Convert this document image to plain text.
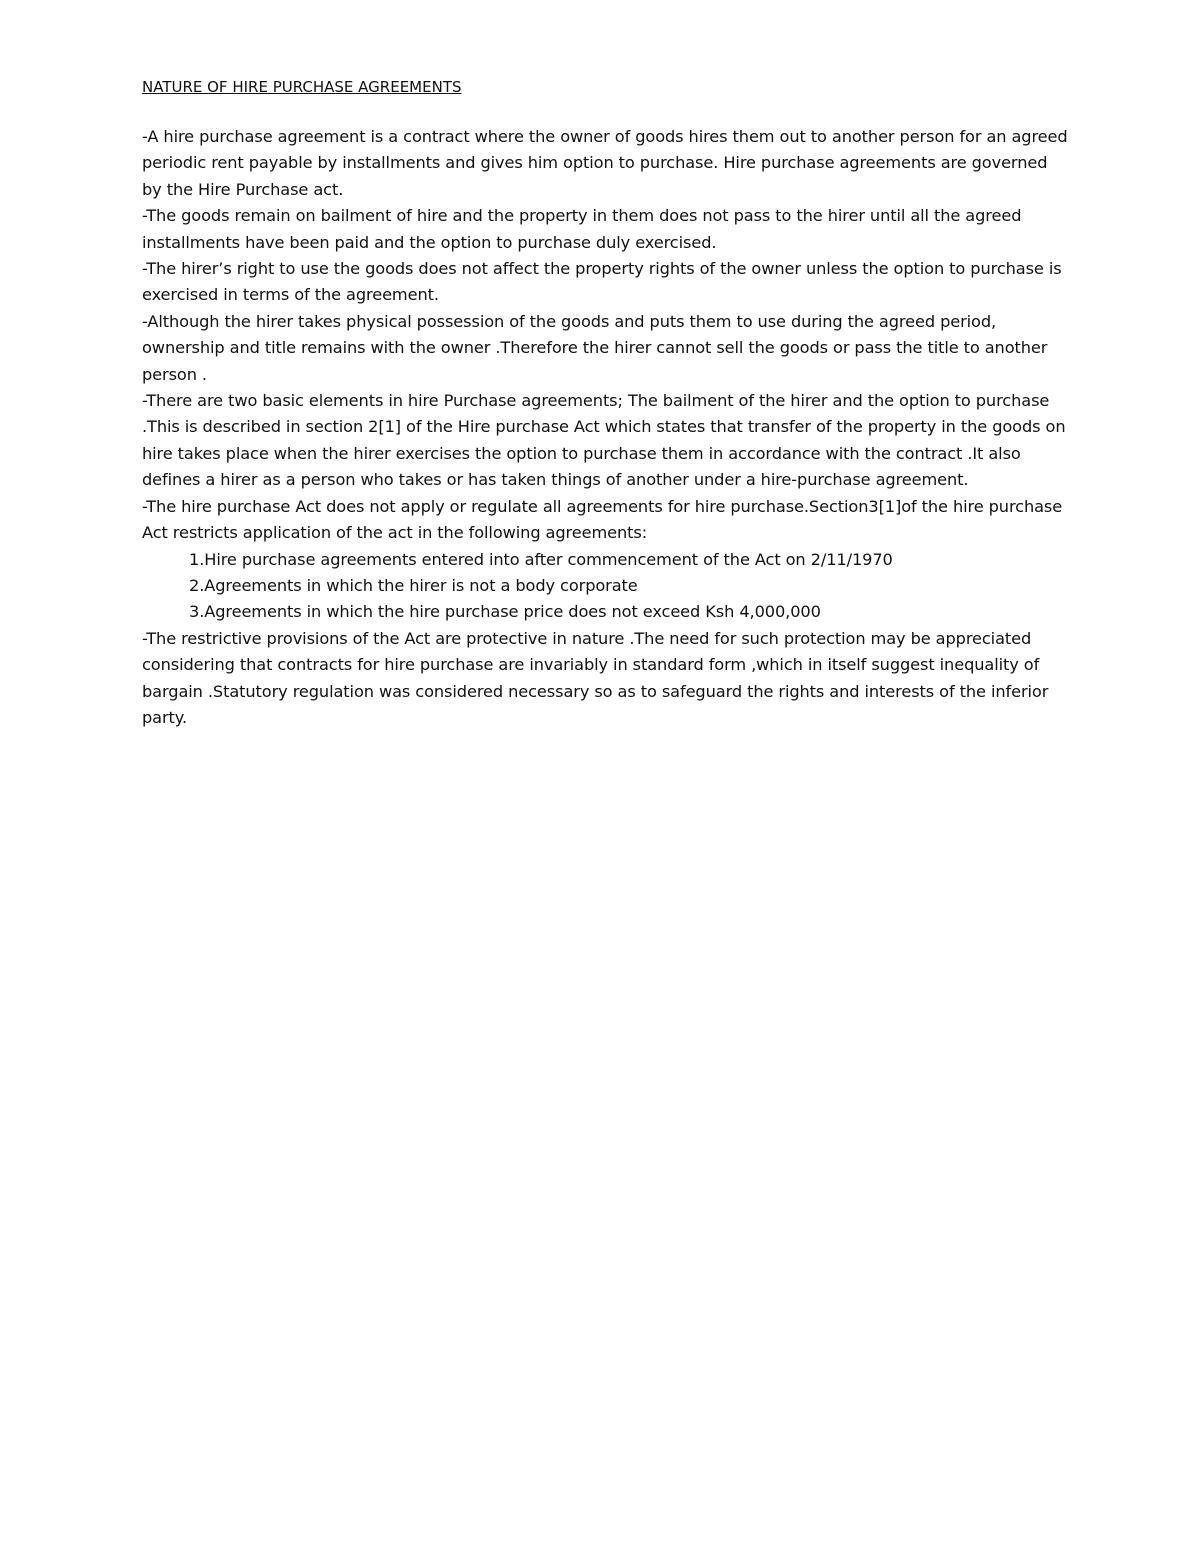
NATURE OF HIRE PURCHASE AGREEMENTS

-A hire purchase agreement is a contract where the owner of goods hires them out to another person for an agreed periodic rent payable by installments and gives him option to purchase. Hire purchase agreements are governed by the Hire Purchase act.

-The goods remain on bailment of hire and the property in them does not pass to the hirer until all the agreed installments have been paid and the option to purchase duly exercised.

-The hirer’s right to use the goods does not affect the property rights of the owner unless the option to purchase is exercised in terms of the agreement.

-Although the hirer takes physical possession of the goods and puts them to use during the agreed period, ownership and title remains with the owner .Therefore the hirer cannot sell the goods or pass the title to another person .

-There are two basic elements in hire Purchase agreements; The bailment of the hirer and the option to purchase .This is described in section 2[1] of the Hire purchase Act which states that transfer of the property in the goods on hire takes place when the hirer exercises the option to purchase them in accordance with the contract .It also defines a hirer as a person who takes or has taken things of another under a hire-purchase agreement.

-The hire purchase Act does not apply or regulate all agreements for hire purchase.Section3[1]of the hire purchase Act restricts application of the act in the following agreements:

1.Hire purchase agreements entered into after commencement of the Act on 2/11/1970

2.Agreements in which the hirer is not a body corporate

3.Agreements in which the hire purchase price does not exceed Ksh 4,000,000

-The restrictive provisions of the Act are protective in nature .The need for such protection may be appreciated considering that contracts for hire purchase are invariably in standard form ,which in itself suggest inequality of bargain .Statutory regulation was considered necessary so as to safeguard the rights and interests of the inferior party.
